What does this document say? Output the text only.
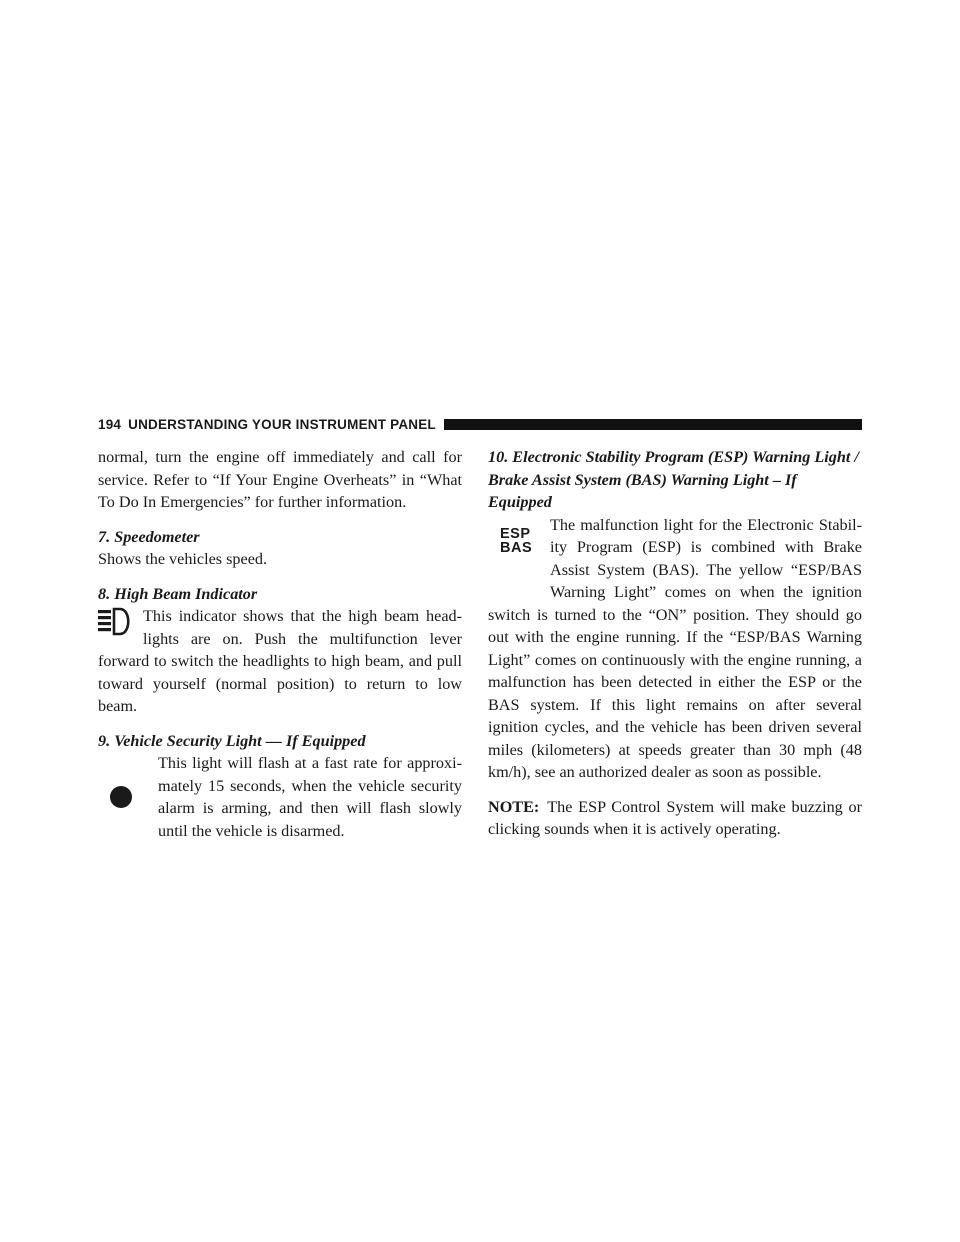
194 UNDERSTANDING YOUR INSTRUMENT PANEL

normal, turn the engine off immediately and call for service. Refer to “If Your Engine Overheats” in “What To Do In Emergencies” for further information.

7. Speedometer

Shows the vehicles speed.

8. High Beam Indicator

This indicator shows that the high beam head-lights are on. Push the multifunction lever forward to switch the headlights to high beam, and pull toward yourself (normal position) to return to low beam.

9. Vehicle Security Light — If Equipped

This light will flash at a fast rate for approxi-mately 15 seconds, when the vehicle security alarm is arming, and then will flash slowly until the vehicle is disarmed.

10. Electronic Stability Program (ESP) Warning Light / Brake Assist System (BAS) Warning Light – If Equipped

ESP
BAS

The malfunction light for the Electronic Stabil-ity Program (ESP) is combined with Brake Assist System (BAS). The yellow “ESP/BAS Warning Light” comes on when the ignition switch is turned to the “ON” position. They should go out with the engine running. If the “ESP/BAS Warning Light” comes on continuously with the engine running, a malfunction has been detected in either the ESP or the BAS system. If this light remains on after several ignition cycles, and the vehicle has been driven several miles (kilometers) at speeds greater than 30 mph (48 km/h), see an authorized dealer as soon as possible.

NOTE: The ESP Control System will make buzzing or clicking sounds when it is actively operating.
